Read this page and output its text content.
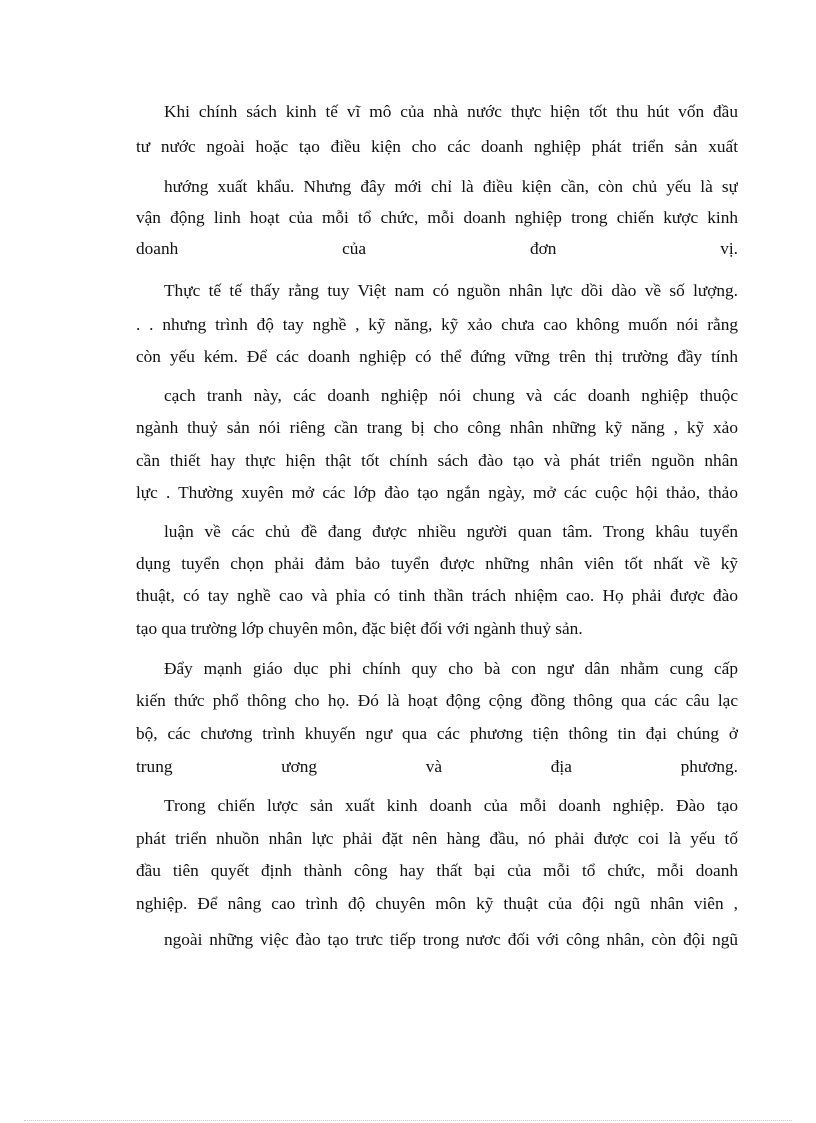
Khi chính sách kinh tế vĩ mô của nhà nước thực hiện tốt thu hút vốn đầu
tư nước ngoài hoặc tạo điều kiện cho các doanh nghiệp phát triển sản xuất
hướng xuất khẩu. Nhưng đây mới chỉ là điều kiện cần, còn chủ yếu là sự
vận động linh hoạt của mỗi tổ chức, mỗi doanh nghiệp trong chiến kược kinh
doanh của đơn vị.
Thực tế tế thấy rằng tuy Việt nam có nguồn nhân lực dồi dào về số lượng.
. . nhưng trình độ tay nghề , kỹ năng, kỹ xảo chưa cao không muốn nói rằng
còn yếu kém. Để các doanh nghiệp có thể đứng vững trên thị trường đầy tính
cạch tranh này, các doanh nghiệp nói chung và các doanh nghiệp thuộc
ngành thuỷ sản nói riêng cần trang bị cho công nhân những kỹ năng , kỹ xảo
cần thiết hay thực hiện thật tốt chính sách đào tạo và phát triển nguồn nhân
lực . Thường xuyên mở các lớp đào tạo ngắn ngày, mở các cuộc hội thảo, thảo
luận về các chủ đề đang được nhiều người quan tâm. Trong khâu tuyển
dụng tuyển chọn phải đảm bảo tuyển được những nhân viên tốt nhất về kỹ
thuật, có tay nghề cao và phỉa có tinh thần trách nhiệm cao. Họ phải được đào
tạo qua trường lớp chuyên môn, đặc biệt đối với ngành thuỷ sản.
Đẩy mạnh giáo dục phi chính quy cho bà con ngư dân nhằm cung cấp
kiến thức phổ thông cho họ. Đó là hoạt động cộng đồng thông qua các câu lạc
bộ, các chương trình khuyến ngư qua các phương tiện thông tin đại chúng ở
trung ương và địa phương.
Trong chiến lược sản xuất kinh doanh của mỗi doanh nghiệp. Đào tạo
phát triển nhuồn nhân lực phải đặt nên hàng đầu, nó phải được coi là yếu tố
đầu tiên quyết định thành công hay thất bại của mỗi tổ chức, mỗi doanh
nghiệp. Để nâng cao trình độ chuyên môn kỹ thuật của đội ngũ nhân viên ,
ngoài những việc đào tạo trưc tiếp trong nươc đối với công nhân, còn đội ngũ
